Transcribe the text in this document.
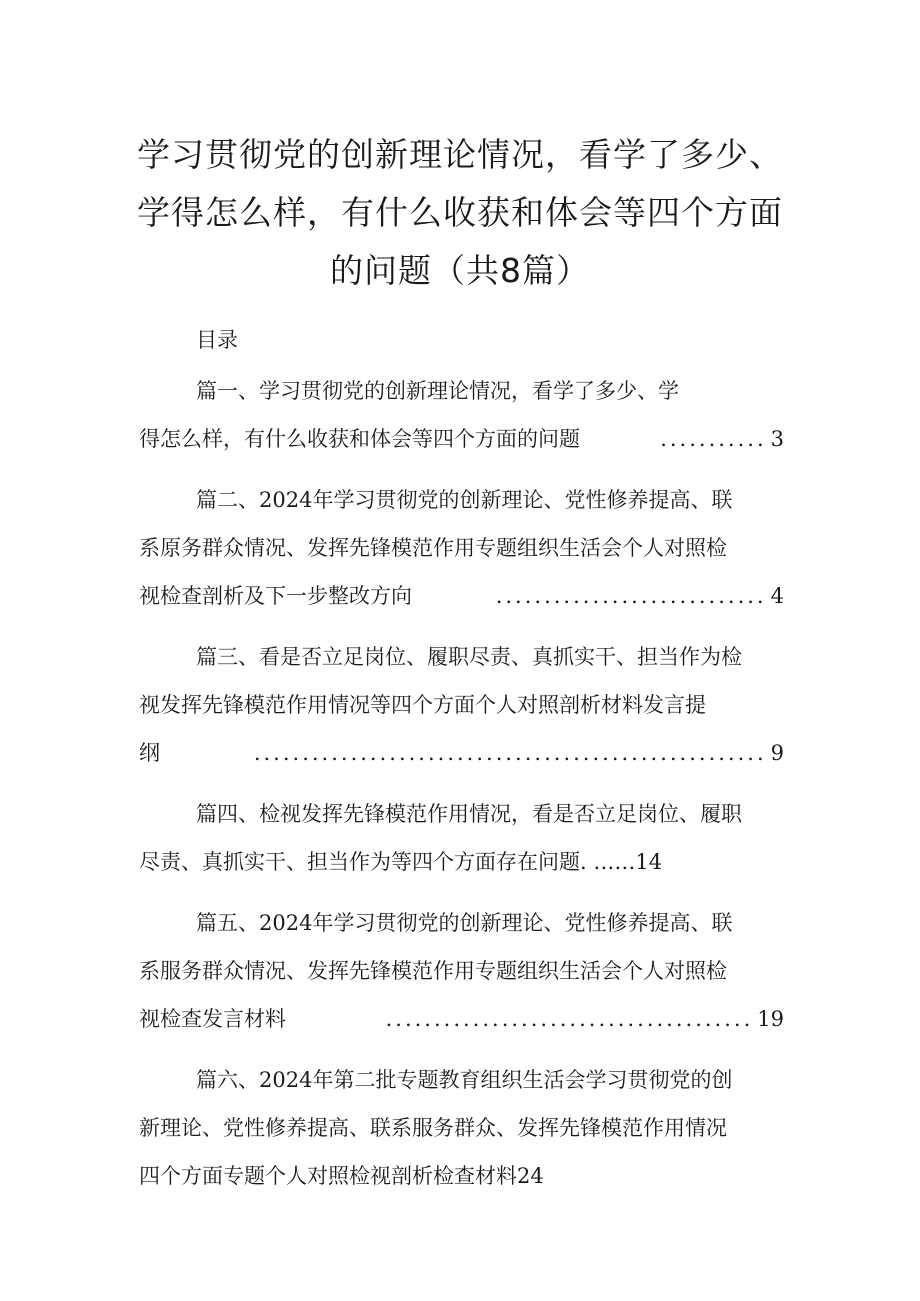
学习贯彻党的创新理论情况，看学了多少、
学得怎么样，有什么收获和体会等四个方面
的问题（共8篇）
目录
篇一、学习贯彻党的创新理论情况，看学了多少、学
得怎么样，有什么收获和体会等四个方面的问题	........... 3
篇二、2024年学习贯彻党的创新理论、党性修养提高、联
系原务群众情况、发挥先锋模范作用专题组织生活会个人对照检
视检查剖析及下一步整改方向	............................ 4
篇三、看是否立足岗位、履职尽责、真抓实干、担当作为检
视发挥先锋模范作用情况等四个方面个人对照剖析材料发言提
纲	..................................................... 9
篇四、检视发挥先锋模范作用情况，看是否立足岗位、履职
尽责、真抓实干、担当作为等四个方面存在问题. ……14
篇五、2024年学习贯彻党的创新理论、党性修养提高、联
系服务群众情况、发挥先锋模范作用专题组织生活会个人对照检
视检查发言材料	...................................... 19
篇六、2024年第二批专题教育组织生活会学习贯彻党的创
新理论、党性修养提高、联系服务群众、发挥先锋模范作用情况
四个方面专题个人对照检视剖析检查材料24
